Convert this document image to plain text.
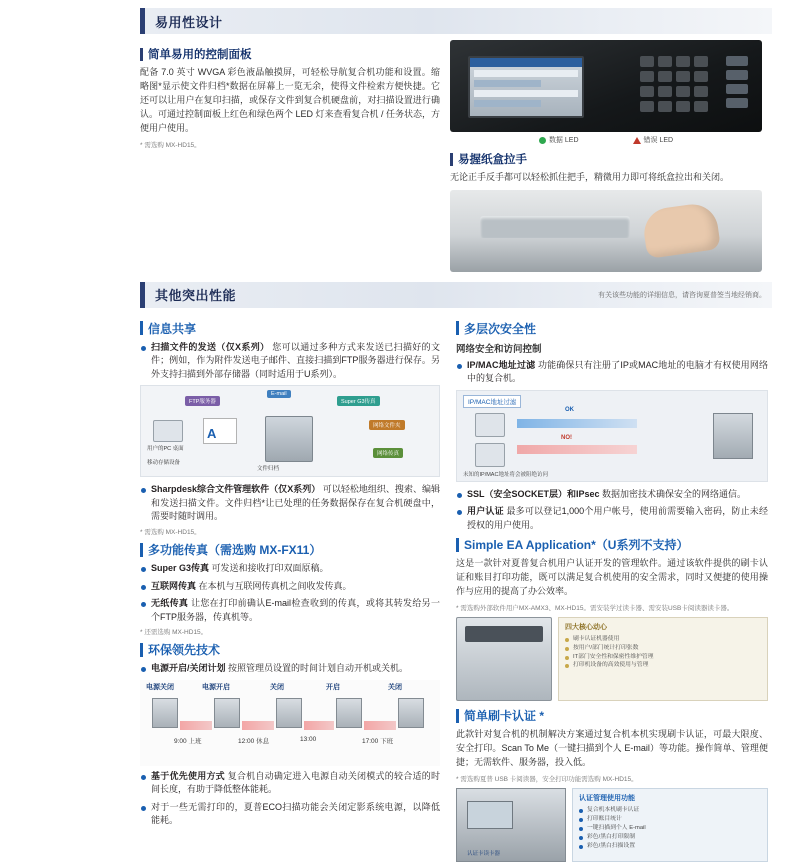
易用性设计
简单易用的控制面板

配备 7.0 英寸 WVGA 彩色液晶触摸屏，可轻松导航复合机功能和设置。缩略图*显示使文件归档*数据在屏幕上一览无余，使得文件检索方便快捷。它还可以让用户在复印扫描，或保存文件到复合机硬盘前，对扫描设置进行确认。可通过控制面板上红色和绿色两个 LED 灯来查看复合机 / 任务状态，方便用户使用。

* 需选购 MX-HD15。
数据 LED	错误 LED
易握纸盒拉手

无论正手反手都可以轻松抓住把手，精微用力即可将纸盒拉出和关闭。

其他突出性能	有关该些功能的详细信息，请咨询夏普签当地经销商。
信息共享
扫描文件的发送（仅X系列） 您可以通过多种方式来发送已扫描好的文件；例如，作为附件发送电子邮件、直接扫描到FTP服务器进行保存。另外支持扫描到外部存储器（同时适用于U系列）。
FTP服务器
E-mail
Super G3传真
网络文件夹
网络传真
用户的PC 桌面
移动存储设备
A
文件归档
Sharpdesk综合文件管理软件（仅X系列） 可以轻松地组织、搜索、编辑和发送扫描文件。文件归档*让已处理的任务数据保存在复合机硬盘中，需要时随时调用。
* 需选购 MX-HD15。
多功能传真（需选购 MX-FX11）
Super G3传真 可发送和接收打印双面原稿。
互联网传真 在本机与互联网传真机之间收发传真。
无纸传真 让您在打印前确认E-mail检查收到的传真，或将其转发给另一个FTP服务器，传真机等。
* 还需选购 MX-HD15。
环保领先技术
电源开启/关闭计划 按照管理员设置的时间计划自动开机或关机。
电源关闭	电源开启	关闭	开启	关闭
9:00 上班	12:00 休息	13:00	17:00 下班
基于优先使用方式 复合机自动确定进入电源自动关闭模式的较合适的时间长度，有助于降低整体能耗。
对于一些无需打印的，夏普ECO扫描功能会关闭定影系统电源，以降低能耗。
多层次安全性
网络安全和访问控制
IP/MAC地址过滤 功能确保只有注册了IP或MAC地址的电脑才有权使用网络中的复合机。
IP/MAC地址过滤
OK
NO!
未知的IP/MAC地址将会被阻绝访问
SSL（安全SOCKET层）和IPsec 数据加密技术确保安全的网络通信。
用户认证 最多可以登记1,000个用户帐号，使用前需要输入密码，防止未经授权的用户使用。
Simple EA Application*（U系列不支持）

这是一款针对夏普复合机用户认证开发的管理软件。通过该软件提供的刷卡认证和账目打印功能，既可以满足复合机使用的安全需求，同时又便捷的使用操作与应用的提高了办公效率。

* 需选购外部软件用户MX-AMX3、MX-HD15。需安装学过读卡器、需安装USB卡阅读器读卡器。
四大核心动心
刷卡认证机器使用
按用户/部门统计打印张数
IT部门安全性和保密性维护管理
打印机设备的高效使用与管理
简单刷卡认证 *

此款针对复合机的机制解决方案通过复合机本机实现刷卡认证，可最大限度、安全打印。Scan To Me（一键扫描到个人 E-mail）等功能。操作简单、管理便捷；无需软件、服务器，投入低。

* 需选购夏普 USB 卡阅读器，安全打印功能需选购 MX-HD15。
认证卡读卡器
认证管理使用功能
复合机本机刷卡认证
打印账目统计
一键扫描到个人 E-mail
彩色/黑白打印限制
彩色/黑白扫描设置
